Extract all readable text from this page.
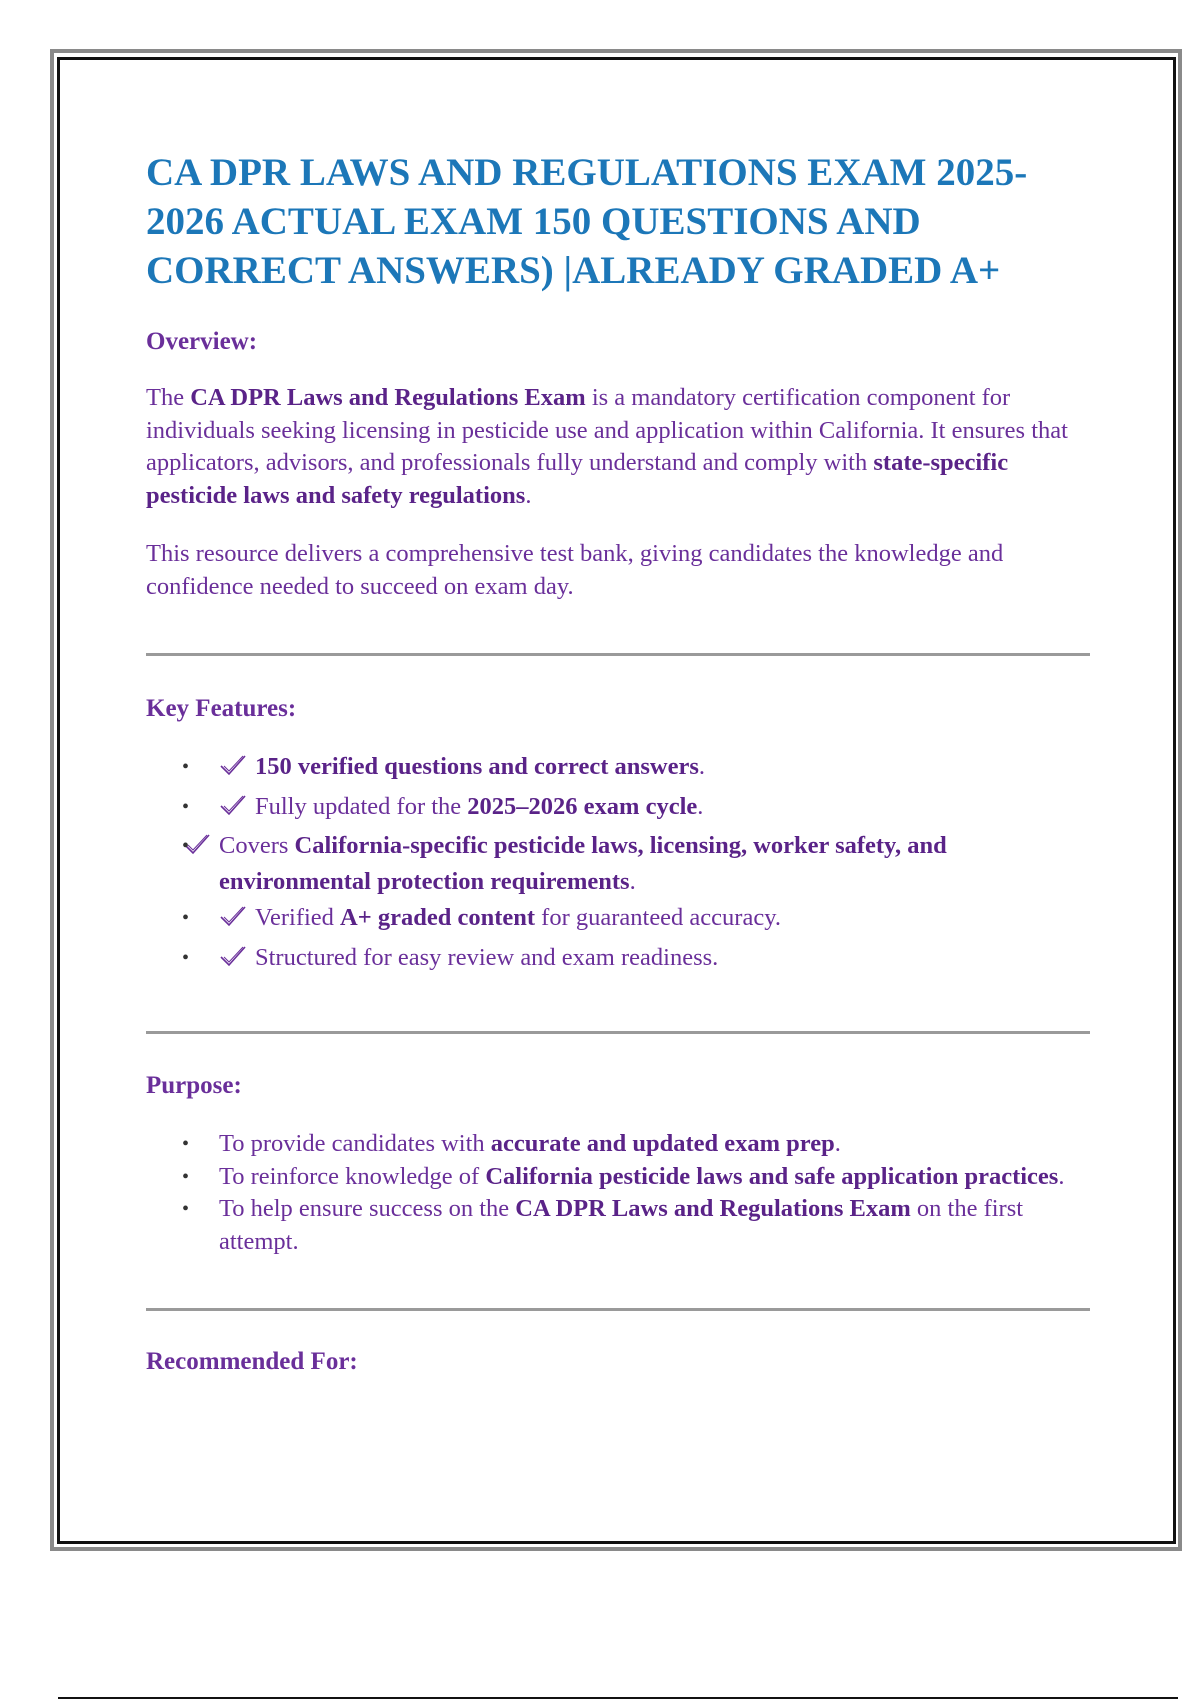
CA DPR LAWS AND REGULATIONS EXAM 2025-2026 ACTUAL EXAM 150 QUESTIONS AND CORRECT ANSWERS) |ALREADY GRADED A+
Overview:

The CA DPR Laws and Regulations Exam is a mandatory certification component for individuals seeking licensing in pesticide use and application within California. It ensures that applicators, advisors, and professionals fully understand and comply with state-specific pesticide laws and safety regulations.

This resource delivers a comprehensive test bank, giving candidates the knowledge and confidence needed to succeed on exam day.

Key Features:
•	150 verified questions and correct answers.
•	Fully updated for the 2025–2026 exam cycle.
• Covers California-specific pesticide laws, licensing, worker safety, and environmental protection requirements.
•	Verified A+ graded content for guaranteed accuracy.
•	Structured for easy review and exam readiness.
Purpose:
• To provide candidates with accurate and updated exam prep.
• To reinforce knowledge of California pesticide laws and safe application practices.
• To help ensure success on the CA DPR Laws and Regulations Exam on the first attempt.
Recommended For:
